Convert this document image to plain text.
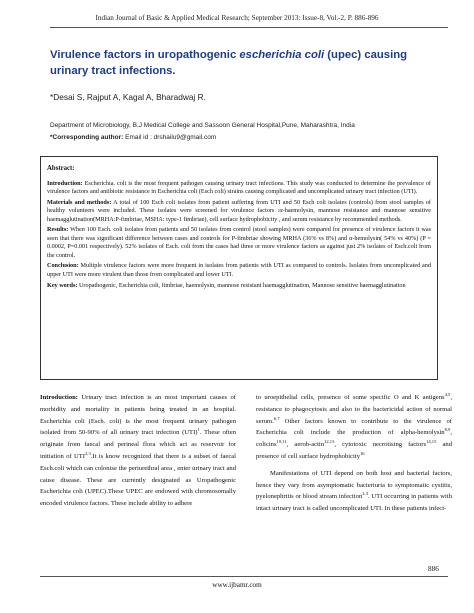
Indian Journal of Basic & Applied Medical Research; September 2013: Issue-8, Vol.-2, P. 886-896
Virulence factors in uropathogenic escherichia coli (upec) causing urinary tract infections.
*Desai S, Rajput A, Kagal A, Bharadwaj R.
Department of Microbiology, B.J Medical College and Sassoon General Hospital,Pune, Maharashtra, India
*Corresponding author: Email id : drshailu9@gmail.com
Abstract:

Introduction: Escherichia. coli is the most frequent pathogen causing urinary tract infections. This study was conducted to determine the prevalence of virulence factors and antibiotic resistance in Escherichia coli (Esch coli) strains causing complicated and uncomplicated urinary tract infection (UTI).

Materials and methods: A total of 100 Esch coli isolates from patient suffering from UTI and 50 Esch coli isolates (controls) from stool samples of healthy volunteers were included. These isolates were screened for virulence factors :α-haemolysin, mannose resistance and mannose sensitive haemagglutination(MRHA:P-fimbriae, MSHA: type-1 fimbriae), cell surface hydrophobicity , and serum resistance by recommended methods.

Results: When 100 Esch. coli isolates from patients and 50 isolates from control (stool samples) were compared for presence of virulence factors it was seen that there was significant difference between cases and controls for P-fimbriae showing MRHA (36% vs 8%) and α-hemolysin( 54% vs 40%) (P = 0.0002, P=0.001 respectively). 52% isolates of Esch. coli from the cases had three or more virulence factors as against just 2% isolates of Esch.coli from the control.

Conclusion: Multiple virulence factors were more frequent in isolates from patients with UTI as compared to controls. Isolates from uncomplicated and upper UTI were more virulent than those from complicated and lower UTI.

Key words: Uropathogenic, Escherichia coli, fimbriae, haemolysin, mannose resistant haemagglutination, Mannose sensitive haemagglutination

Introduction: Urinary tract infection is an most important causes of morbidity and mortality in patients being treated in an hospital. Escherichia coli (Esch. coli) is the most frequent urinary pathogen isolated from 50-90% of all urinary tract infection (UTI)$^1$. These often originate from faecal and perineal flora which act as reservoir for initiation of UTI$^{2,3}$.It is know recognized that there is a subset of faecal Esch.coli which can colonise the periurethral area , enter urinary tract and cause disease. These are currently designated as Uropathogenic Escherichia coli (UPEC).These UPEC are endowed with chromosomally encoded virulence factors. These include ability to adhere

to uroepithelial cells, presence of some specific O and K antigens$^{4,5}$, resistance to phagocytosis and also to the bactericidal action of normal serum.$^{6,7}$ Other factors known to contribute to the virulence of Escherichia coli include the production of alpha-hemolysin$^{8,9}$, colicins$^{10,11}$, aerob-actin$^{12,13}$, cytotoxic necrotising factors$^{14,15}$ and presence of cell surface hydrophobicity$^{16}$

Manifestations of UTI depend on both host and bacterial factors, hence they vary from asymptomatic bacteriuria to symptomatic cystitis, pyelonephritis or blood stream infection$^{2,3}$. UTI occurring in patients with intact urinary tract is called uncomplicated UTI. In these patients infect-

886
www.ijbamr.com
